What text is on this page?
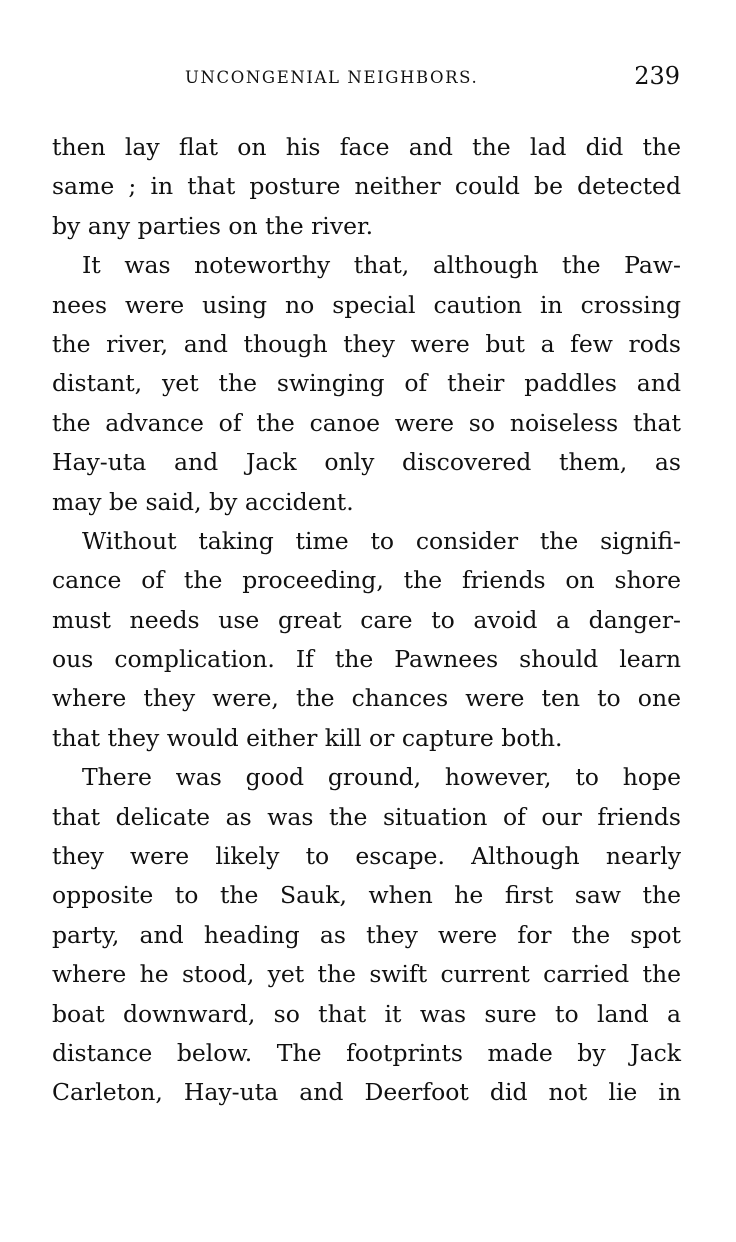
UNCONGENIAL NEIGHBORS.	239
then lay flat on his face and the lad did the
same ; in that posture neither could be detected
by any parties on the river.
It was noteworthy that, although the Paw-
nees were using no special caution in crossing
the river, and though they were but a few rods
distant, yet the swinging of their paddles and
the advance of the canoe were so noiseless that
Hay-uta and Jack only discovered them, as
may be said, by accident.
Without taking time to consider the signifi-
cance of the proceeding, the friends on shore
must needs use great care to avoid a danger-
ous complication. If the Pawnees should learn
where they were, the chances were ten to one
that they would either kill or capture both.
There was good ground, however, to hope
that delicate as was the situation of our friends
they were likely to escape. Although nearly
opposite to the Sauk, when he first saw the
party, and heading as they were for the spot
where he stood, yet the swift current carried the
boat downward, so that it was sure to land a
distance below. The footprints made by Jack
Carleton, Hay-uta and Deerfoot did not lie in
